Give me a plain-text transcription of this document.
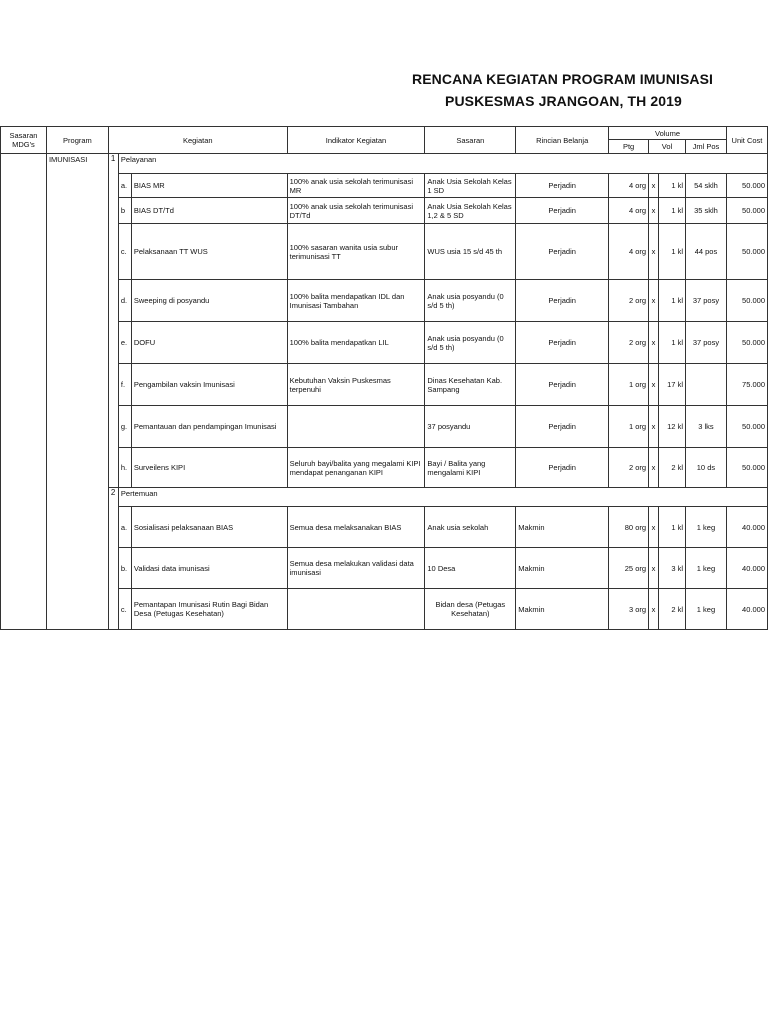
RENCANA KEGIATAN PROGRAM IMUNISASI
PUSKESMAS JRANGOAN, TH 2019
Sasaran MDG's	Program	Kegiatan			Indikator Kegiatan	Sasaran	Rincian Belanja	Volume				Unit Cost
								Ptg	Vol		Jml Pos	
	IMUNISASI	1	Pelayanan									
			a.	BIAS MR	100% anak usia sekolah terimunisasi MR	Anak Usia Sekolah Kelas 1 SD	Perjadin	4 org	x	1 kl	54 sklh	50.000
			b	BIAS DT/Td	100% anak usia sekolah terimunisasi DT/Td	Anak Usia Sekolah Kelas 1,2 & 5 SD	Perjadin	4 org	x	1 kl	35 sklh	50.000
			c.	Pelaksanaan TT WUS	100% sasaran wanita usia subur terimunisasi TT	WUS usia 15 s/d 45 th	Perjadin	4 org	x	1 kl	44 pos	50.000
			d.	Sweeping di posyandu	100% balita mendapatkan IDL dan Imunisasi Tambahan	Anak usia posyandu (0 s/d 5 th)	Perjadin	2 org	x	1 kl	37 posy	50.000
			e.	DOFU	100% balita mendapatkan LIL	Anak usia posyandu (0 s/d 5 th)	Perjadin	2 org	x	1 kl	37 posy	50.000
			f.	Pengambilan vaksin Imunisasi	Kebutuhan Vaksin Puskesmas terpenuhi	Dinas Kesehatan Kab. Sampang	Perjadin	1 org	x	17 kl		75.000
			g.	Pemantauan dan pendampingan Imunisasi		37 posyandu	Perjadin	1 org	x	12 kl	3 lks	50.000
			h.	Surveilens KIPI	Seluruh bayi/balita yang megalami KIPI mendapat penanganan KIPI	Bayi / Balita yang mengalami KIPI	Perjadin	2 org	x	2 kl	10 ds	50.000
		2	Pertemuan									
			a.	Sosialisasi pelaksanaan BIAS	Semua desa melaksanakan BIAS	Anak usia sekolah	Makmin	80 org	x	1 kl	1 keg	40.000
			b.	Validasi data imunisasi	Semua desa melakukan validasi data imunisasi	10 Desa	Makmin	25 org	x	3 kl	1 keg	40.000
			c.	Pemantapan Imunisasi Rutin Bagi Bidan Desa (Petugas Kesehatan)		Bidan desa (Petugas Kesehatan)	Makmin	3 org	x	2 kl	1 keg	40.000
